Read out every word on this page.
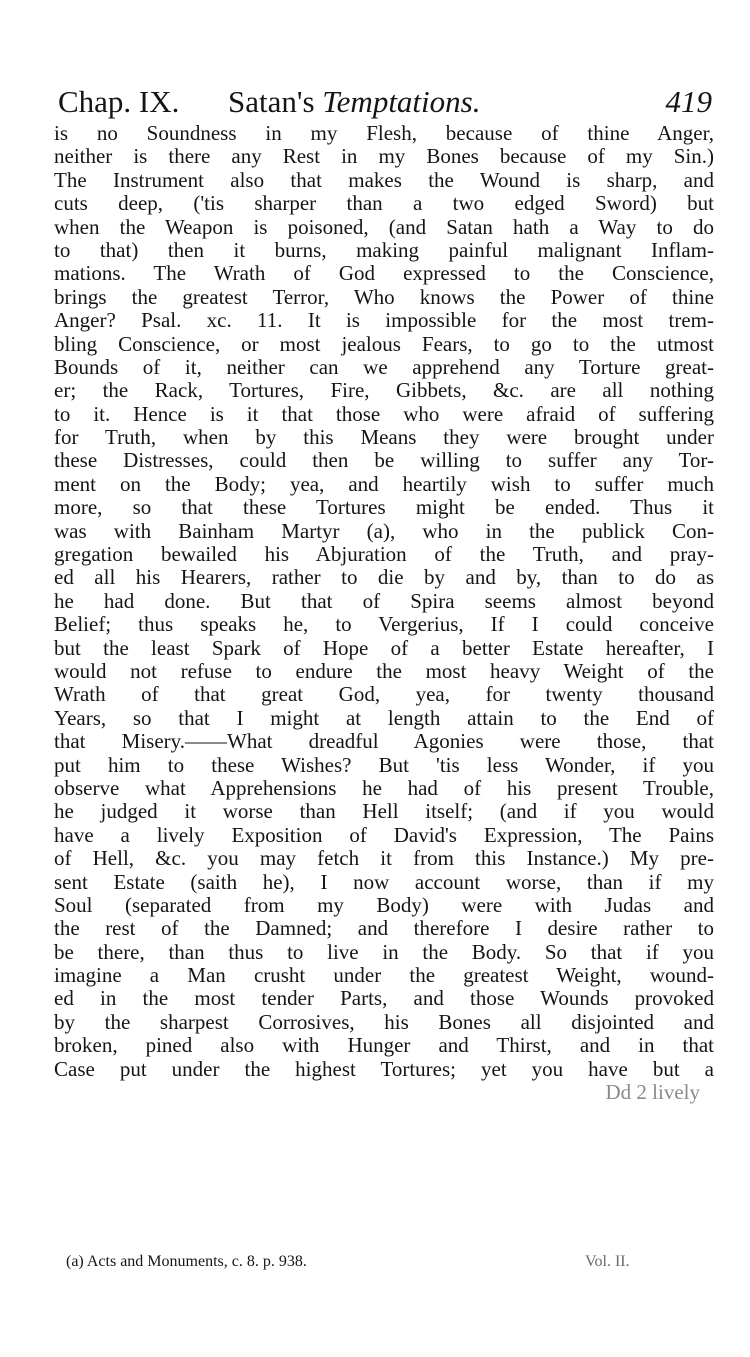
Chap. IX. Satan's Temptations.	419
is no Soundness in my Flesh, because of thine Anger,
neither is there any Rest in my Bones because of my Sin.)
The Instrument also that makes the Wound is sharp, and
cuts deep, ('tis sharper than a two edged Sword) but
when the Weapon is poisoned, (and Satan hath a Way to do
to that) then it burns, making painful malignant Inflam-
mations. The Wrath of God expressed to the Conscience,
brings the greatest Terror, Who knows the Power of thine
Anger? Psal. xc. 11. It is impossible for the most trem-
bling Conscience, or most jealous Fears, to go to the utmost
Bounds of it, neither can we apprehend any Torture great-
er; the Rack, Tortures, Fire, Gibbets, &c. are all nothing
to it. Hence is it that those who were afraid of suffering
for Truth, when by this Means they were brought under
these Distresses, could then be willing to suffer any Tor-
ment on the Body; yea, and heartily wish to suffer much
more, so that these Tortures might be ended. Thus it
was with Bainham Martyr (a), who in the publick Con-
gregation bewailed his Abjuration of the Truth, and pray-
ed all his Hearers, rather to die by and by, than to do as
he had done. But that of Spira seems almost beyond
Belief; thus speaks he, to Vergerius, If I could conceive
but the least Spark of Hope of a better Estate hereafter, I
would not refuse to endure the most heavy Weight of the
Wrath of that great God, yea, for twenty thousand
Years, so that I might at length attain to the End of
that Misery.——What dreadful Agonies were those, that
put him to these Wishes? But 'tis less Wonder, if you
observe what Apprehensions he had of his present Trouble,
he judged it worse than Hell itself; (and if you would
have a lively Exposition of David's Expression, The Pains
of Hell, &c. you may fetch it from this Instance.) My pre-
sent Estate (saith he), I now account worse, than if my
Soul (separated from my Body) were with Judas and
the rest of the Damned; and therefore I desire rather to
be there, than thus to live in the Body. So that if you
imagine a Man crusht under the greatest Weight, wound-
ed in the most tender Parts, and those Wounds provoked
by the sharpest Corrosives, his Bones all disjointed and
broken, pined also with Hunger and Thirst, and in that
Case put under the highest Tortures; yet you have but a
Dd 2 lively
(a) Acts and Monuments, c. 8. p. 938.	Vol. II.
